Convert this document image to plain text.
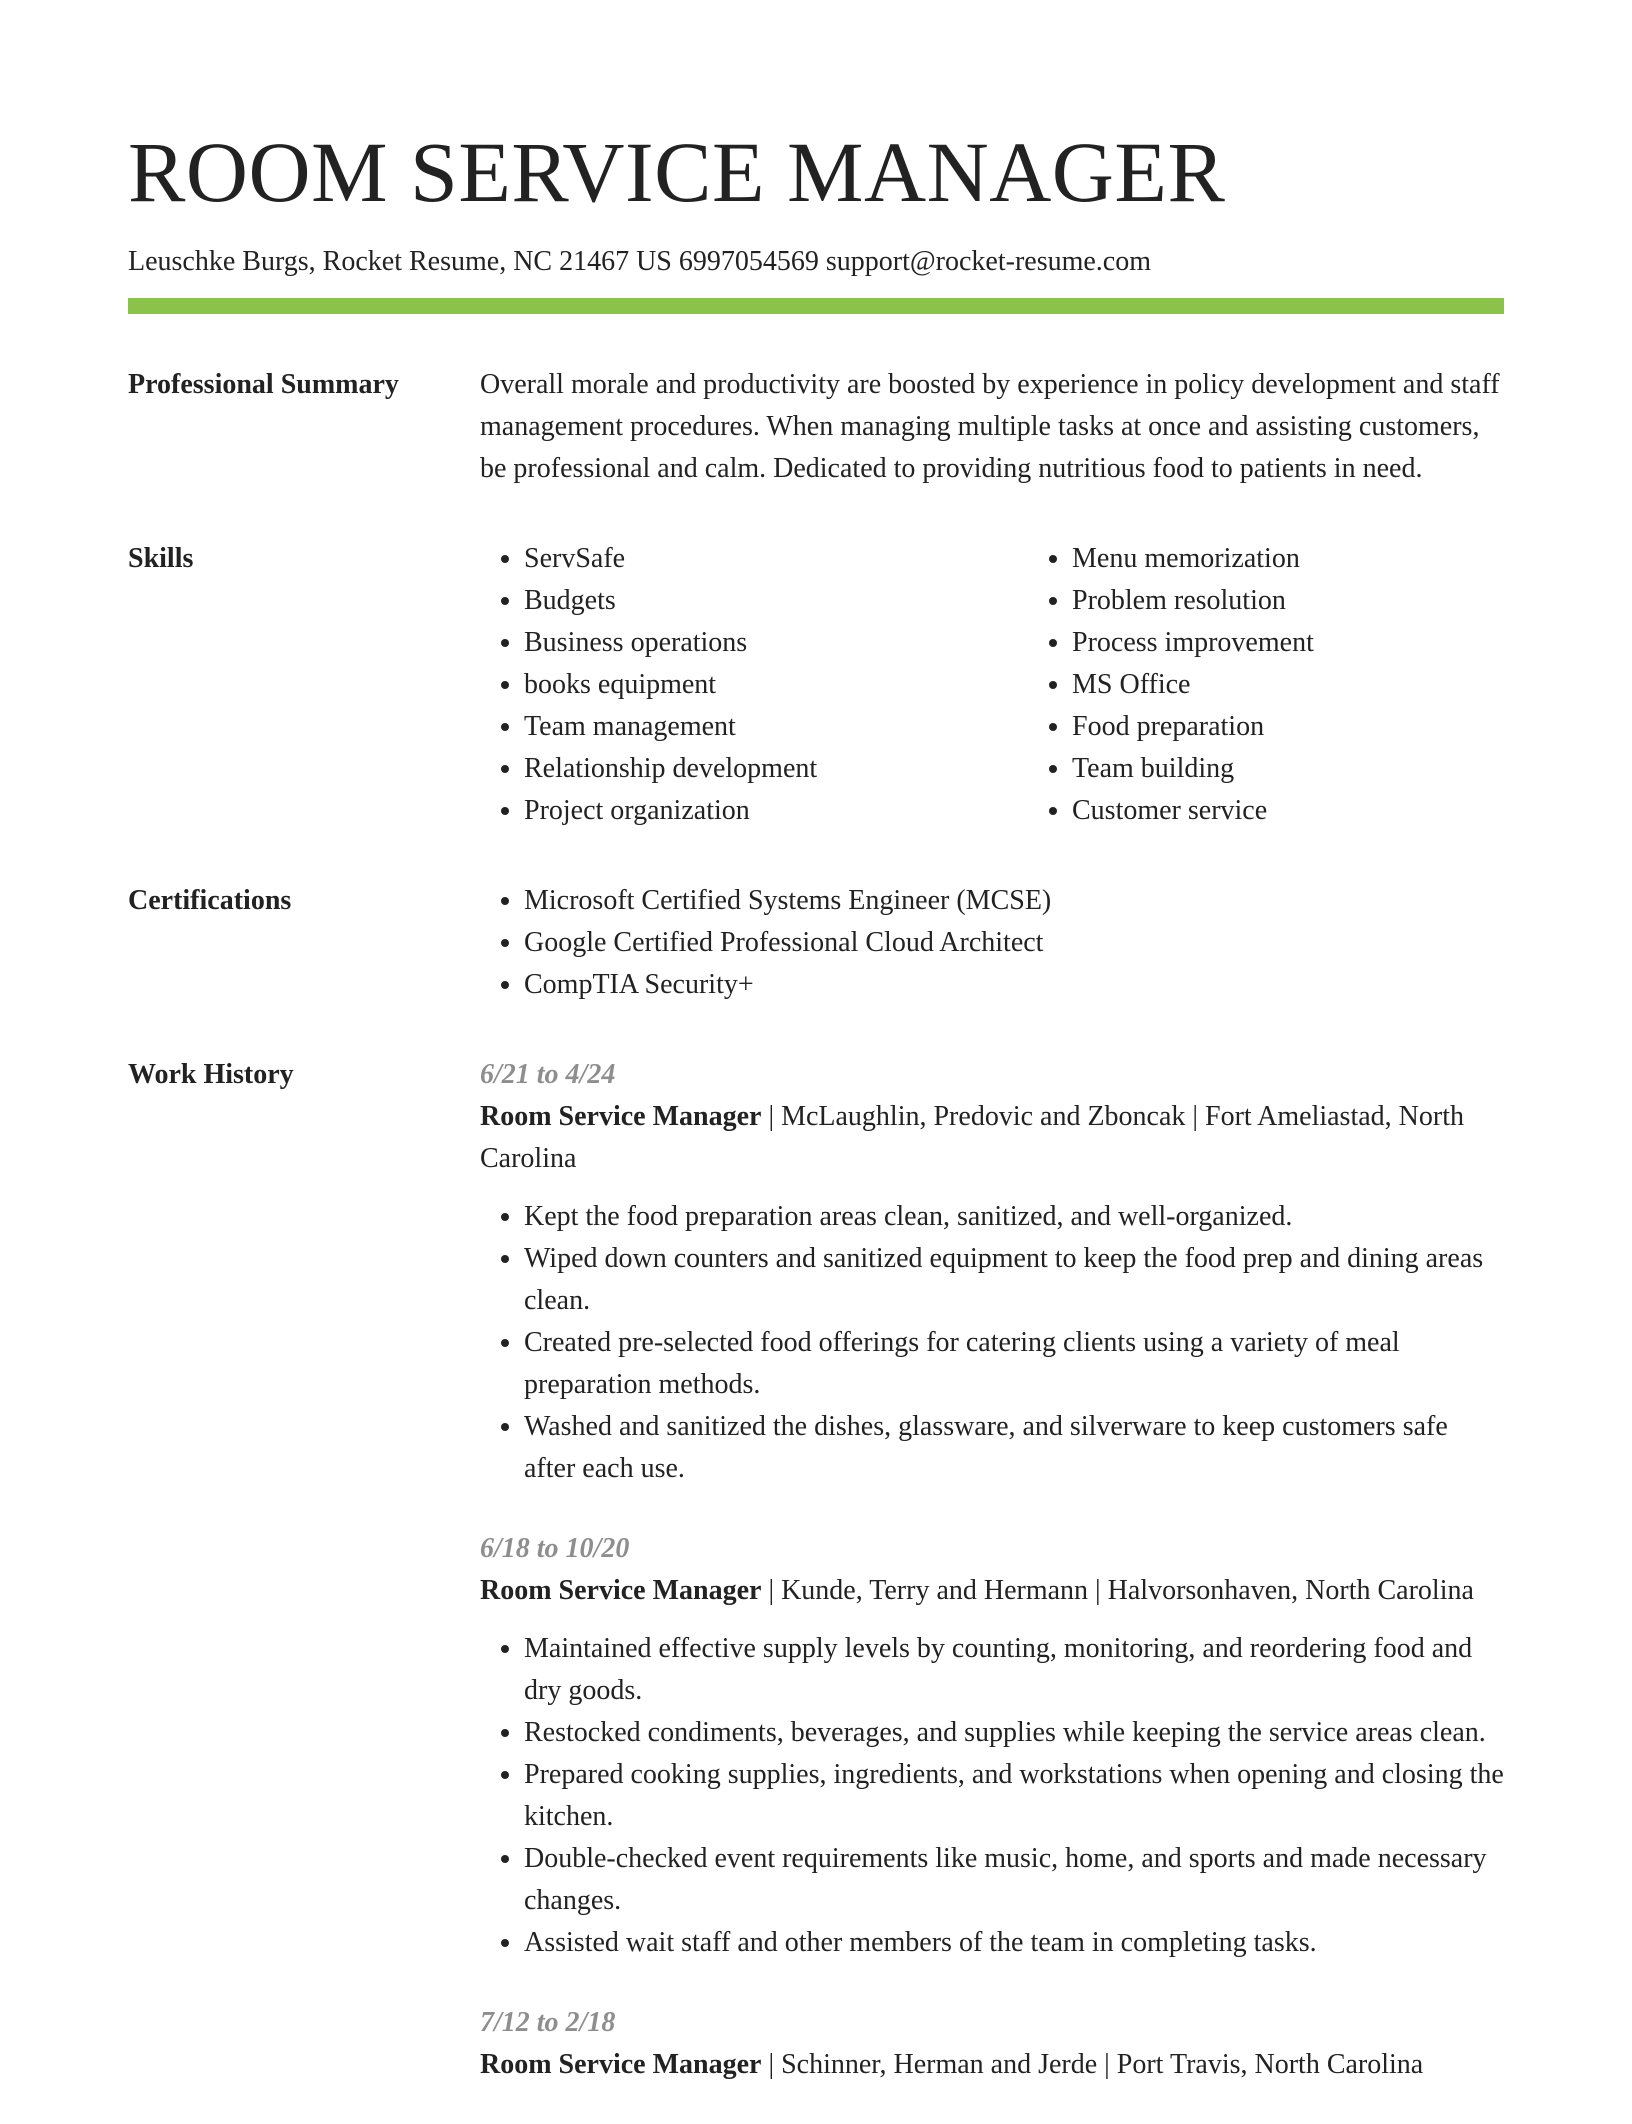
ROOM SERVICE MANAGER
Leuschke Burgs, Rocket Resume, NC 21467 US 6997054569 support@rocket-resume.com
Professional Summary	Overall morale and productivity are boosted by experience in policy development and staff management procedures. When managing multiple tasks at once and assisting customers, be professional and calm. Dedicated to providing nutritious food to patients in need.

Skills	• ServSafe
• Budgets
• Business operations
• books equipment
• Team management
• Relationship development
• Project organization
• Menu memorization
• Problem resolution
• Process improvement
• MS Office
• Food preparation
• Team building
• Customer service
Certifications	• Microsoft Certified Systems Engineer (MCSE)
• Google Certified Professional Cloud Architect
• CompTIA Security+
Work History	6/21 to 4/24
Room Service Manager | McLaughlin, Predovic and Zboncak | Fort Ameliastad, North Carolina
• Kept the food preparation areas clean, sanitized, and well-organized.
• Wiped down counters and sanitized equipment to keep the food prep and dining areas clean.
• Created pre-selected food offerings for catering clients using a variety of meal preparation methods.
• Washed and sanitized the dishes, glassware, and silverware to keep customers safe after each use.
6/18 to 10/20
Room Service Manager | Kunde, Terry and Hermann | Halvorsonhaven, North Carolina
• Maintained effective supply levels by counting, monitoring, and reordering food and dry goods.
• Restocked condiments, beverages, and supplies while keeping the service areas clean.
• Prepared cooking supplies, ingredients, and workstations when opening and closing the kitchen.
• Double-checked event requirements like music, home, and sports and made necessary changes.
• Assisted wait staff and other members of the team in completing tasks.
7/12 to 2/18
Room Service Manager | Schinner, Herman and Jerde | Port Travis, North Carolina
